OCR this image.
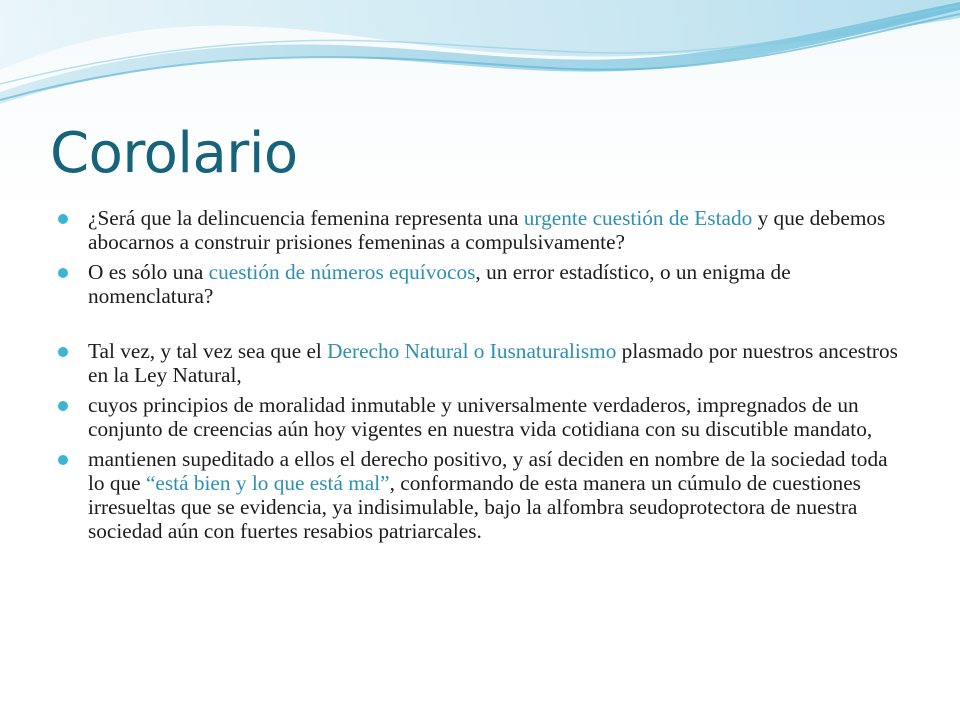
Corolario
¿Será que la delincuencia femenina representa una urgente cuestión de Estado y que debemos abocarnos a construir prisiones femeninas a compulsivamente?
O es sólo una cuestión de números equívocos, un error estadístico, o un enigma de nomenclatura?
Tal vez, y tal vez sea que el Derecho Natural o Iusnaturalismo plasmado por nuestros ancestros en la Ley Natural,
cuyos principios de moralidad inmutable y universalmente verdaderos, impregnados de un conjunto de creencias aún hoy vigentes en nuestra vida cotidiana con su discutible mandato,
mantienen supeditado a ellos el derecho positivo, y así deciden en nombre de la sociedad toda lo que “está bien y lo que está mal”, conformando de esta manera un cúmulo de cuestiones irresueltas que se evidencia, ya indisimulable, bajo la alfombra seudoprotectora de nuestra sociedad aún con fuertes resabios patriarcales.
